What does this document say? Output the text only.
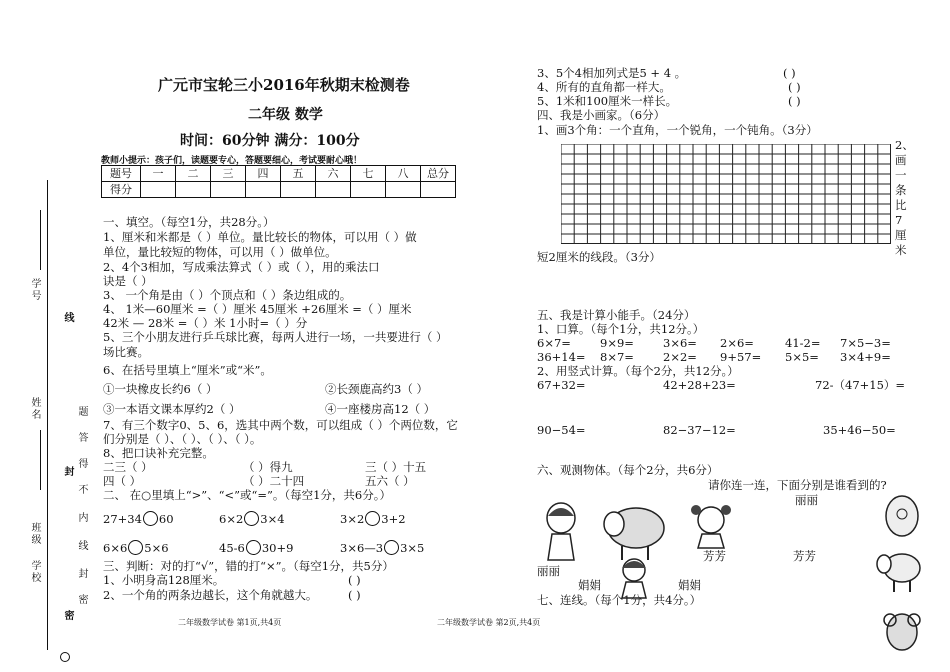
学号
线
姓名	题
答
得
封
不
内
班级	线
学校	封
密
密
广元市宝轮三小2016年秋期末检测卷
二年级 数学
时间：60分钟 满分：100分
教师小提示：孩子们，读题要专心，答题要细心，考试要耐心哦！
题号	一	二	三	四	五	六	七	八	总分
得分									
一、填空。（每空1分，共28分。）
1、厘米和米都是（ ）单位。量比较长的物体，可以用（ ）做
单位，量比较短的物体，可以用（ ）做单位。
2、4个3相加，写成乘法算式（ ）或（ ），用的乘法口
诀是（ ）
3、 一个角是由（ ）个顶点和（ ）条边组成的。
4、 1米—60厘米 =（ ）厘米 45厘米 +26厘米 =（ ）厘米
42米 — 28米 =（ ）米 1小时=（ ）分
5、三个小朋友进行乒乓球比赛，每两人进行一场，一共要进行（ ）
场比赛。
6、在括号里填上“厘米”或“米”。
①一块橡皮长约6（ ）	②长颈鹿高约3（ ）
③一本语文课本厚约2（ ）	④一座楼房高12（ ）
7、有三个数字0、5、6，选其中两个数，可以组成（ ）个两位数，它
们分别是（ ）、（ ）、（ ）、（ ）。
8、把口诀补充完整。
二三（ ）	（ ）得九	三（ ）十五
四（ ）	（ ）二十四	五六（ ）
二、 在○里填上“>”、“<”或“=”。（每空1分，共6分。）
27+34 60	6×2 3×4	3×2 3+2
6×6 5×6	45-6 30+9	3×6—3 3×5
三、判断：对的打“√”，错的打“×”。（每空1分，共5分）
1、小明身高128厘米。	( )
2、一个角的两条边越长，这个角就越大。	( )
二年级数学试卷 第1页,共4页
3、5个4相加列式是5 + 4 。	( )
4、所有的直角都一样大。	( )
5、1米和100厘米一样长。	( )
四、我是小画家。（6分）
1、画3个角：一个直角，一个锐角，一个钝角。（3分）
2、画一条比7厘米
短2厘米的线段。（3分）
五、我是计算小能手。（24分）
1、口算。（每个1分，共12分。）
6×7=	9×9=	3×6= 2×6=	41-2= 7×5−3=
36+14= 8×7=	2×2= 9+57= 5×5= 3×4+9=
2、用竖式计算。（每个2分，共12分。）
67+32=	42+28+23=	72-（47+15）=
90−54=	82−37−12=	35+46−50=
六、观测物体。（每个2分，共6分）
请你连一连，下面分别是谁看到的?
丽丽
芳芳	芳芳
丽丽
娟娟	娟娟
七、连线。（每个1分，共4分。）
二年级数学试卷 第2页,共4页
